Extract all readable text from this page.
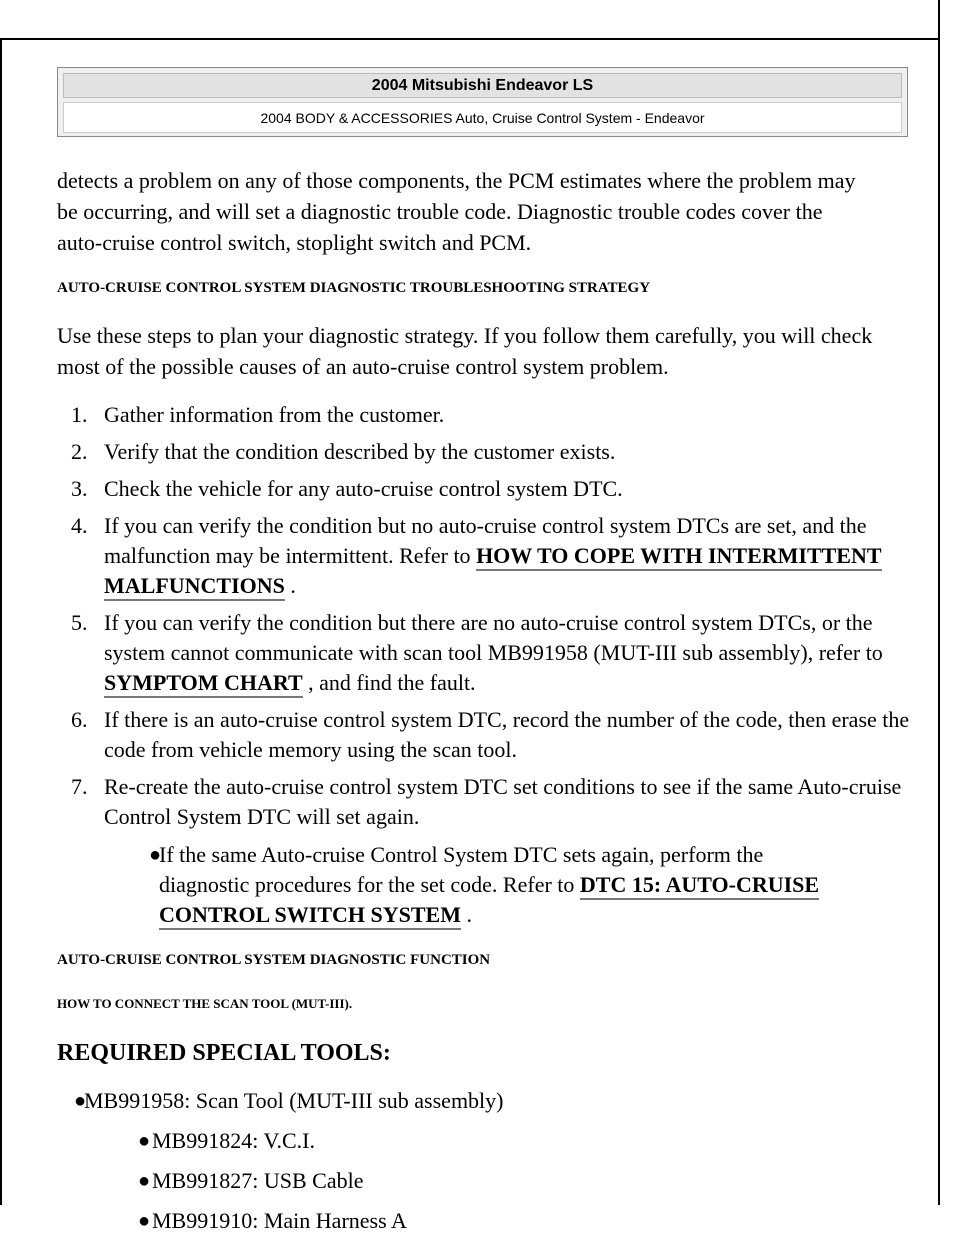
2004 Mitsubishi Endeavor LS
2004 BODY & ACCESSORIES Auto, Cruise Control System - Endeavor

detects a problem on any of those components, the PCM estimates where the problem may be occurring, and will set a diagnostic trouble code. Diagnostic trouble codes cover the auto-cruise control switch, stoplight switch and PCM.

AUTO-CRUISE CONTROL SYSTEM DIAGNOSTIC TROUBLESHOOTING STRATEGY

Use these steps to plan your diagnostic strategy. If you follow them carefully, you will check most of the possible causes of an auto-cruise control system problem.

1. Gather information from the customer.
2. Verify that the condition described by the customer exists.
3. Check the vehicle for any auto-cruise control system DTC.
4. If you can verify the condition but no auto-cruise control system DTCs are set, and the malfunction may be intermittent. Refer to HOW TO COPE WITH INTERMITTENT MALFUNCTIONS .
5. If you can verify the condition but there are no auto-cruise control system DTCs, or the system cannot communicate with scan tool MB991958 (MUT-III sub assembly), refer to SYMPTOM CHART , and find the fault.
6. If there is an auto-cruise control system DTC, record the number of the code, then erase the code from vehicle memory using the scan tool.
7. Re-create the auto-cruise control system DTC set conditions to see if the same Auto-cruise Control System DTC will set again.
●
If the same Auto-cruise Control System DTC sets again, perform the diagnostic procedures for the set code. Refer to DTC 15: AUTO-CRUISE CONTROL SWITCH SYSTEM .

AUTO-CRUISE CONTROL SYSTEM DIAGNOSTIC FUNCTION

HOW TO CONNECT THE SCAN TOOL (MUT-III).

REQUIRED SPECIAL TOOLS:

●
MB991958: Scan Tool (MUT-III sub assembly)
● MB991824: V.C.I.
● MB991827: USB Cable
● MB991910: Main Harness A
